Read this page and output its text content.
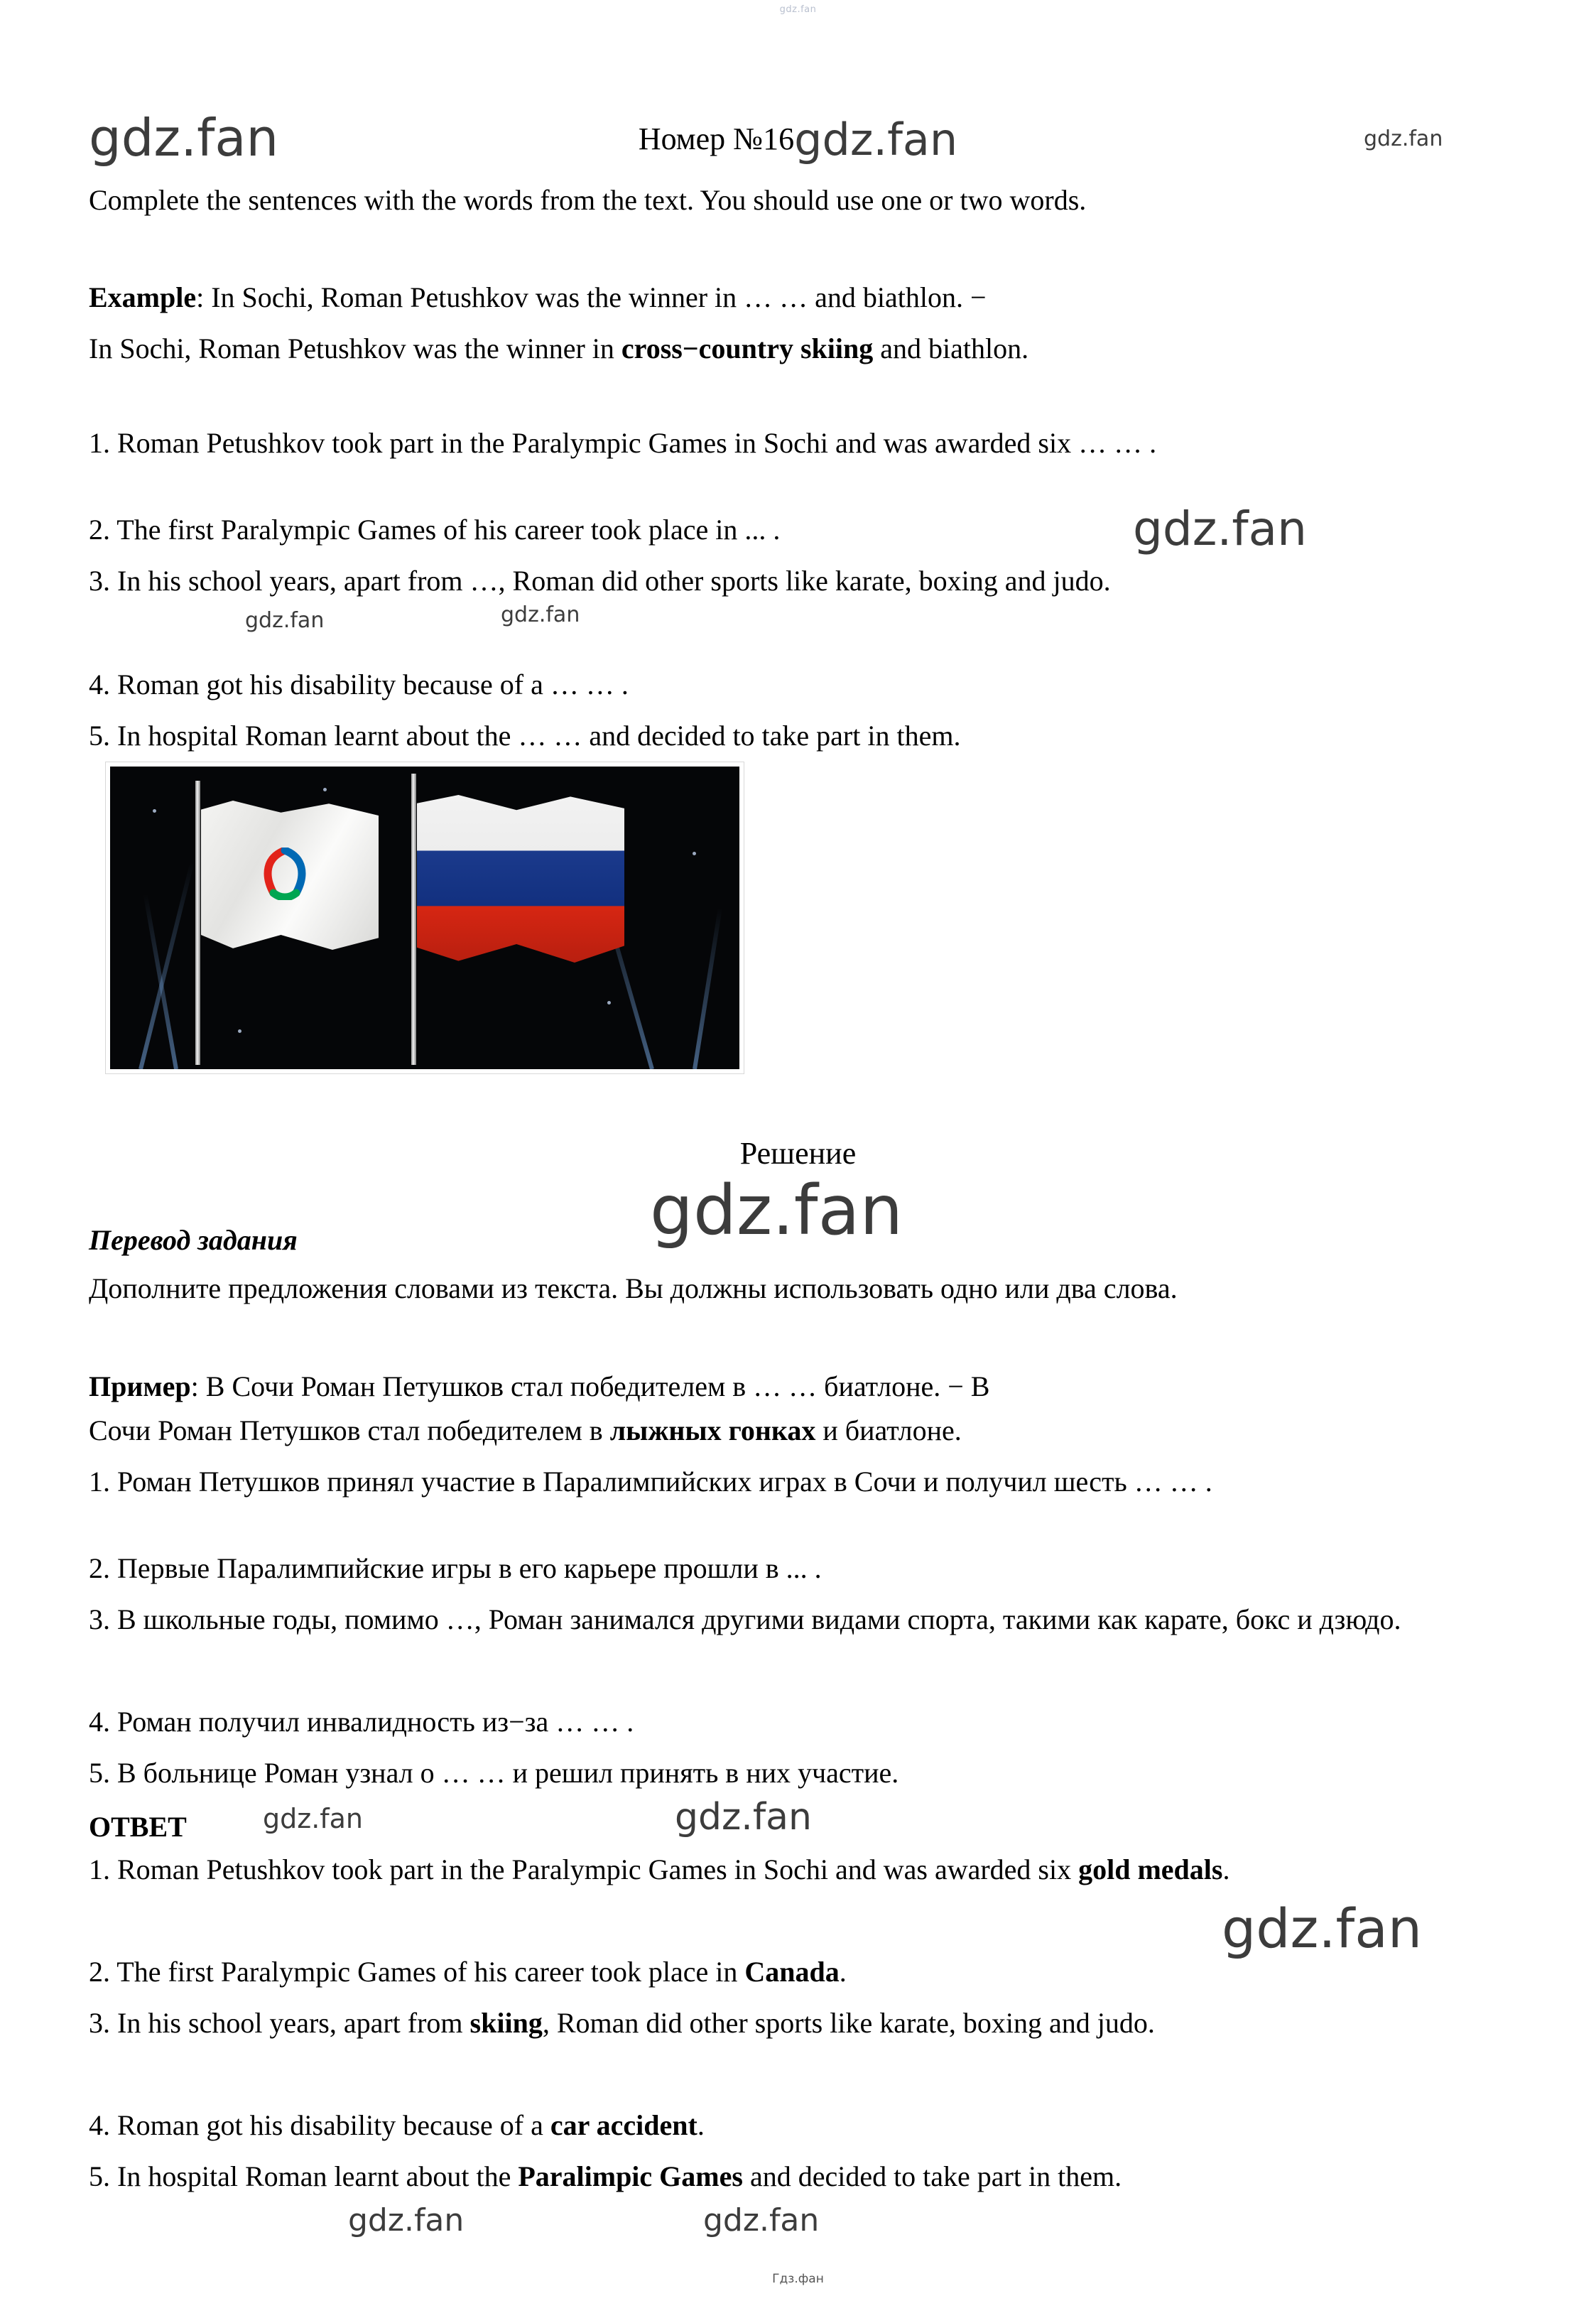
gdz.fan
gdz.fan	Номер №16gdz.fan	gdz.fan
Complete the sentences with the words from the text. You should use one or two words.
Example: In Sochi, Roman Petushkov was the winner in … … and biathlon. −
In Sochi, Roman Petushkov was the winner in cross−country skiing and biathlon.
1. Roman Petushkov took part in the Paralympic Games in Sochi and was awarded six … … .
2. The first Paralympic Games of his career took place in ... .
3. In his school years, apart from …, Roman did other sports like karate, boxing and judo.
4. Roman got his disability because of a … … .
5. In hospital Roman learnt about the … … and decided to take part in them.
gdz.fan
gdz.fan	gdz.fan
Решение
gdz.fan
Перевод задания
Дополните предложения словами из текста. Вы должны использовать одно или два слова.
Пример: В Сочи Роман Петушков стал победителем в … … биатлоне. − В
Сочи Роман Петушков стал победителем в лыжных гонках и биатлоне.
1. Роман Петушков принял участие в Паралимпийских играх в Сочи и получил шесть … … .
2. Первые Паралимпийские игры в его карьере прошли в ... .
3. В школьные годы, помимо …, Роман занимался другими видами спорта, такими как карате, бокс и дзюдо.
4. Роман получил инвалидность из−за … … .
5. В больнице Роман узнал о … … и решил принять в них участие.
ОТВЕТ	gdz.fan	gdz.fan
1. Roman Petushkov took part in the Paralympic Games in Sochi and was awarded six gold medals.
gdz.fan
2. The first Paralympic Games of his career took place in Canada.
3. In his school years, apart from skiing, Roman did other sports like karate, boxing and judo.
4. Roman got his disability because of a car accident.
5. In hospital Roman learnt about the Paralimpic Games and decided to take part in them.
gdz.fan	gdz.fan
Гдз.фан
